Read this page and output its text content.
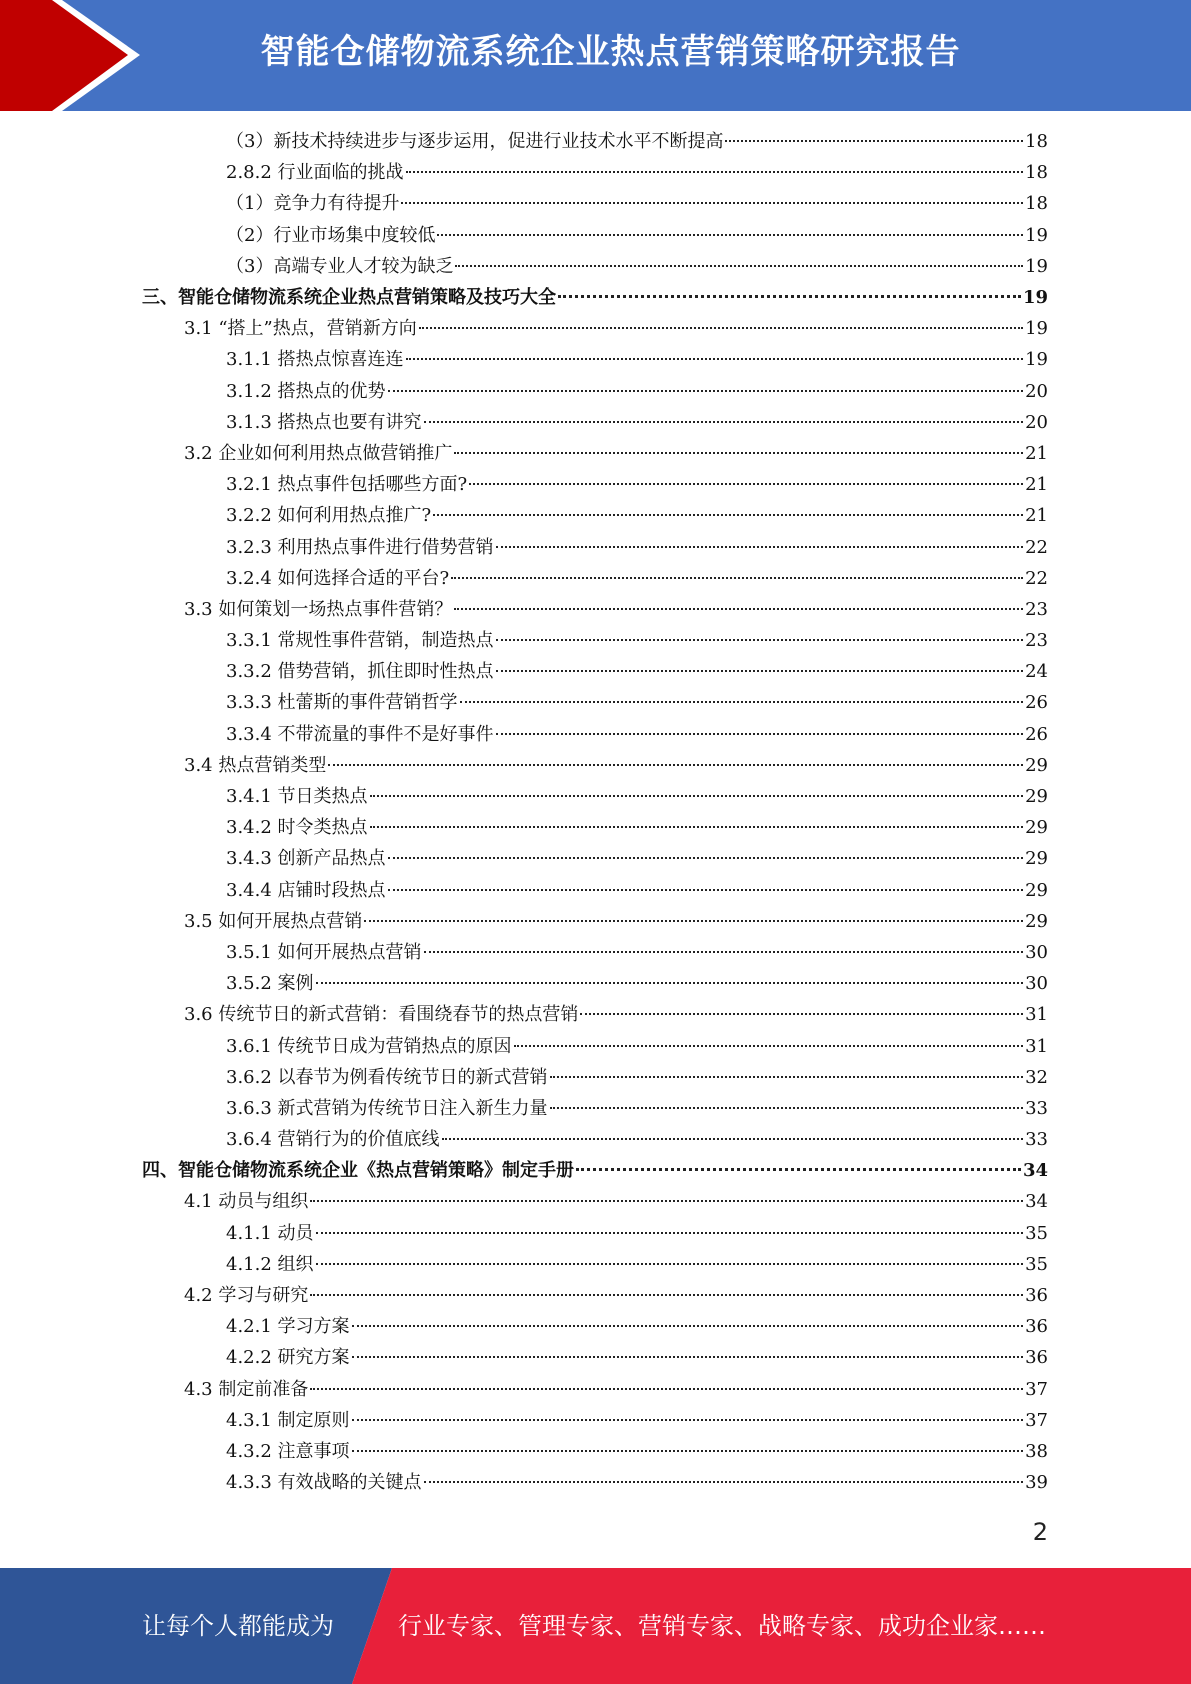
智能仓储物流系统企业热点营销策略研究报告
（3）新技术持续进步与逐步运用，促进行业技术水平不断提高	18
2.8.2 行业面临的挑战	18
（1）竞争力有待提升	18
（2）行业市场集中度较低	19
（3）高端专业人才较为缺乏	19
三、智能仓储物流系统企业热点营销策略及技巧大全	19
3.1 “搭上”热点，营销新方向	19
3.1.1 搭热点惊喜连连	19
3.1.2 搭热点的优势	20
3.1.3 搭热点也要有讲究	20
3.2 企业如何利用热点做营销推广	21
3.2.1 热点事件包括哪些方面?	21
3.2.2 如何利用热点推广?	21
3.2.3 利用热点事件进行借势营销	22
3.2.4 如何选择合适的平台?	22
3.3 如何策划一场热点事件营销？	23
3.3.1 常规性事件营销，制造热点	23
3.3.2 借势营销，抓住即时性热点	24
3.3.3 杜蕾斯的事件营销哲学	26
3.3.4 不带流量的事件不是好事件	26
3.4 热点营销类型	29
3.4.1 节日类热点	29
3.4.2 时令类热点	29
3.4.3 创新产品热点	29
3.4.4 店铺时段热点	29
3.5 如何开展热点营销	29
3.5.1 如何开展热点营销	30
3.5.2 案例	30
3.6 传统节日的新式营销：看围绕春节的热点营销	31
3.6.1 传统节日成为营销热点的原因	31
3.6.2 以春节为例看传统节日的新式营销	32
3.6.3 新式营销为传统节日注入新生力量	33
3.6.4 营销行为的价值底线	33
四、智能仓储物流系统企业《热点营销策略》制定手册	34
4.1 动员与组织	34
4.1.1 动员	35
4.1.2 组织	35
4.2 学习与研究	36
4.2.1 学习方案	36
4.2.2 研究方案	36
4.3 制定前准备	37
4.3.1 制定原则	37
4.3.2 注意事项	38
4.3.3 有效战略的关键点	39
2
让每个人都能成为	行业专家、管理专家、营销专家、战略专家、成功企业家……
